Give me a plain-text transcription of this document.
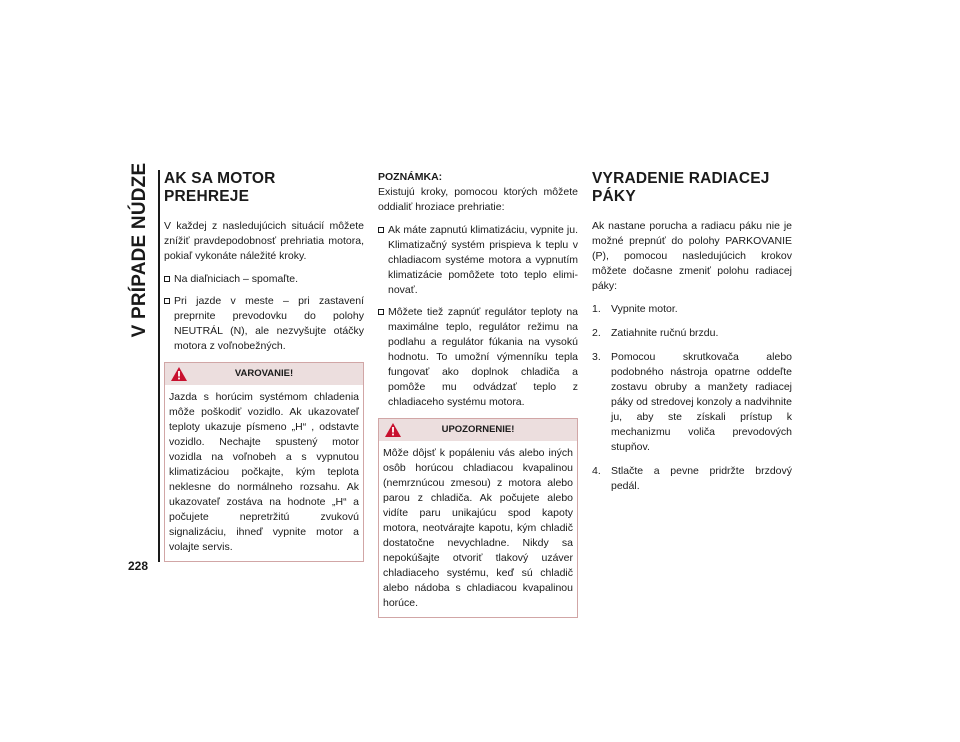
V PRÍPADE NÚDZE
228
AK SA MOTOR PREHREJE

V každej z nasledujúcich situácií môžete znížiť pravdepodobnosť prehriatia motora, pokiaľ vykonáte náležité kroky.

Na diaľniciach – spomaľte.
Pri jazde v meste – pri zastavení preprnite prevodovku do polohy NEUTRÁL (N), ale nezvyšujte otáčky motora z voľnobežných.
VAROVANIE!

Jazda s horúcim systémom chladenia môže poškodiť vozidlo. Ak ukazovateľ teploty ukazuje písmeno „H“ , odstavte vozidlo. Nechajte spustený motor vozidla na voľnobeh a s vypnutou klimatizáciou počkajte, kým teplota neklesne do normálneho rozsahu. Ak ukazovateľ zostáva na hodnote „H“ a počujete nepretržitú zvukovú signalizáciu, ihneď vypnite motor a volajte servis.

POZNÁMKA:

Existujú kroky, pomocou ktorých môžete oddialiť hroziace prehriatie:

Ak máte zapnutú klimatizáciu, vypnite ju. Klimatizačný systém prispieva k teplu v chladiacom systéme motora a vypnutím klimatizácie pomôžete toto teplo eliminovať.
Môžete tiež zapnúť regulátor teploty na maximálne teplo, regulátor režimu na podlahu a regulátor fúkania na vysokú hodnotu. To umožní výmenníku tepla fungovať ako doplnok chladiča a pomôže mu odvádzať teplo z chladiaceho systému motora.
UPOZORNENIE!

Môže dôjsť k popáleniu vás alebo iných osôb horúcou chladiacou kvapalinou (nemrznúcou zmesou) z motora alebo parou z chladiča. Ak počujete alebo vidíte paru unikajúcu spod kapoty motora, neotvárajte kapotu, kým chladič dostatočne nevychladne. Nikdy sa nepokúšajte otvoriť tlakový uzáver chladiaceho systému, keď sú chladič alebo nádoba s chladiacou kvapalinou horúce.

VYRADENIE RADIACEJ PÁKY

Ak nastane porucha a radiacu páku nie je možné prepnúť do polohy PARKOVANIE (P), pomocou nasledujúcich krokov môžete dočasne zmeniť polohu radiacej páky:

1. Vypnite motor.
2. Zatiahnite ručnú brzdu.
3. Pomocou skrutkovača alebo podobného nástroja opatrne oddeľte zostavu obruby a manžety radiacej páky od stredovej konzoly a nadvihnite ju, aby ste získali prístup k mechanizmu voliča prevodových stupňov.
4. Stlačte a pevne pridržte brzdový pedál.
